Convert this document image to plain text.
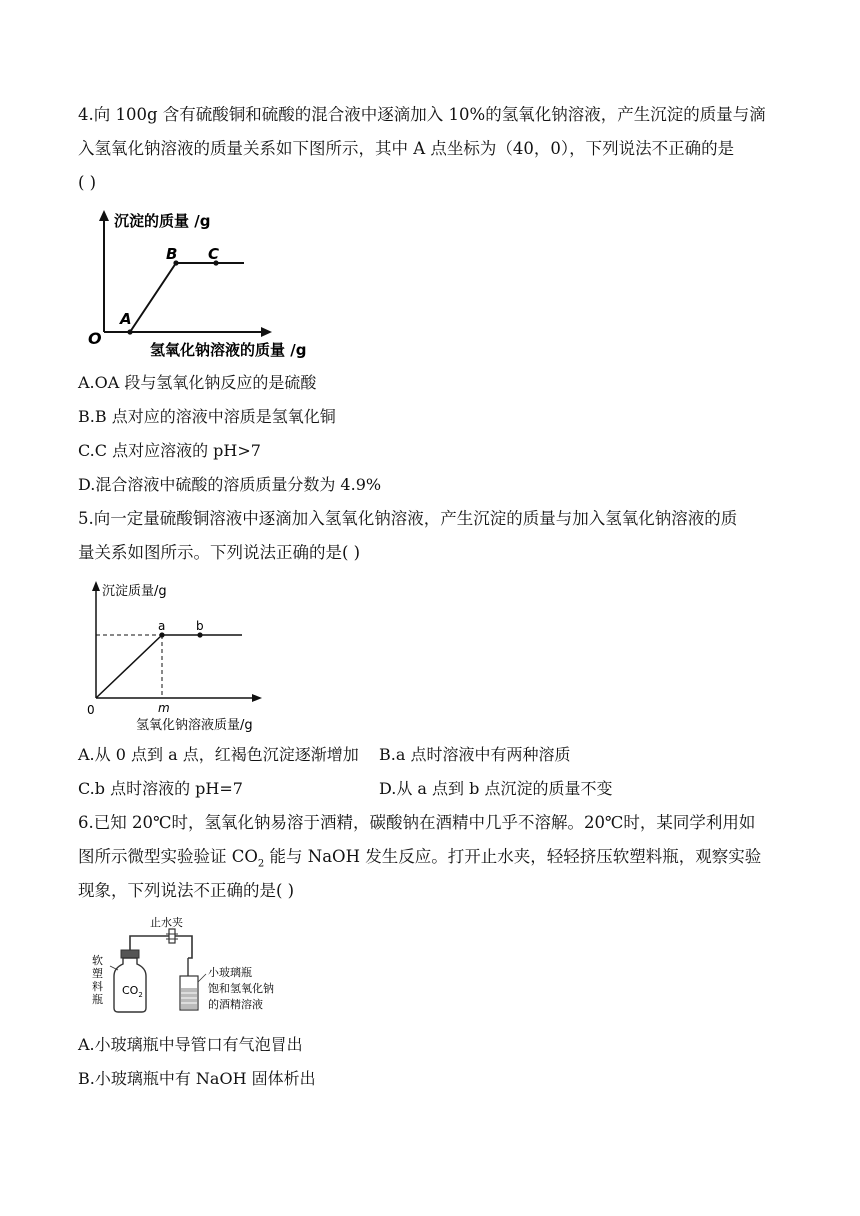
4.向 100g 含有硫酸铜和硫酸的混合液中逐滴加入 10%的氢氧化钠溶液，产生沉淀的质量与滴
入氢氧化钠溶液的质量关系如下图所示，其中 A 点坐标为（40，0），下列说法不正确的是
( )
沉淀的质量 /g
氢氧化钠溶液的质量 /g
O
A
B C
A.OA 段与氢氧化钠反应的是硫酸
B.B 点对应的溶液中溶质是氢氧化铜
C.C 点对应溶液的 pH>7
D.混合溶液中硫酸的溶质质量分数为 4.9%
5.向一定量硫酸铜溶液中逐滴加入氢氧化钠溶液，产生沉淀的质量与加入氢氧化钠溶液的质
量关系如图所示。下列说法正确的是( )
沉淀质量/g
氢氧化钠溶液质量/g
0
a	b
m
A.从 0 点到 a 点，红褐色沉淀逐渐增加 B.a 点时溶液中有两种溶质
C.b 点时溶液的 pH=7	D.从 a 点到 b 点沉淀的质量不变
6.已知 20℃时，氢氧化钠易溶于酒精，碳酸钠在酒精中几乎不溶解。20℃时，某同学利用如
图所示微型实验验证 $CO_2$ 能与 NaOH 发生反应。打开止水夹，轻轻挤压软塑料瓶，观察实验
现象，下列说法不正确的是( )
止水夹
软
塑
料
瓶
$CO_2$
小玻璃瓶
饱和氢氧化钠
的酒精溶液
A.小玻璃瓶中导管口有气泡冒出
B.小玻璃瓶中有 NaOH 固体析出
